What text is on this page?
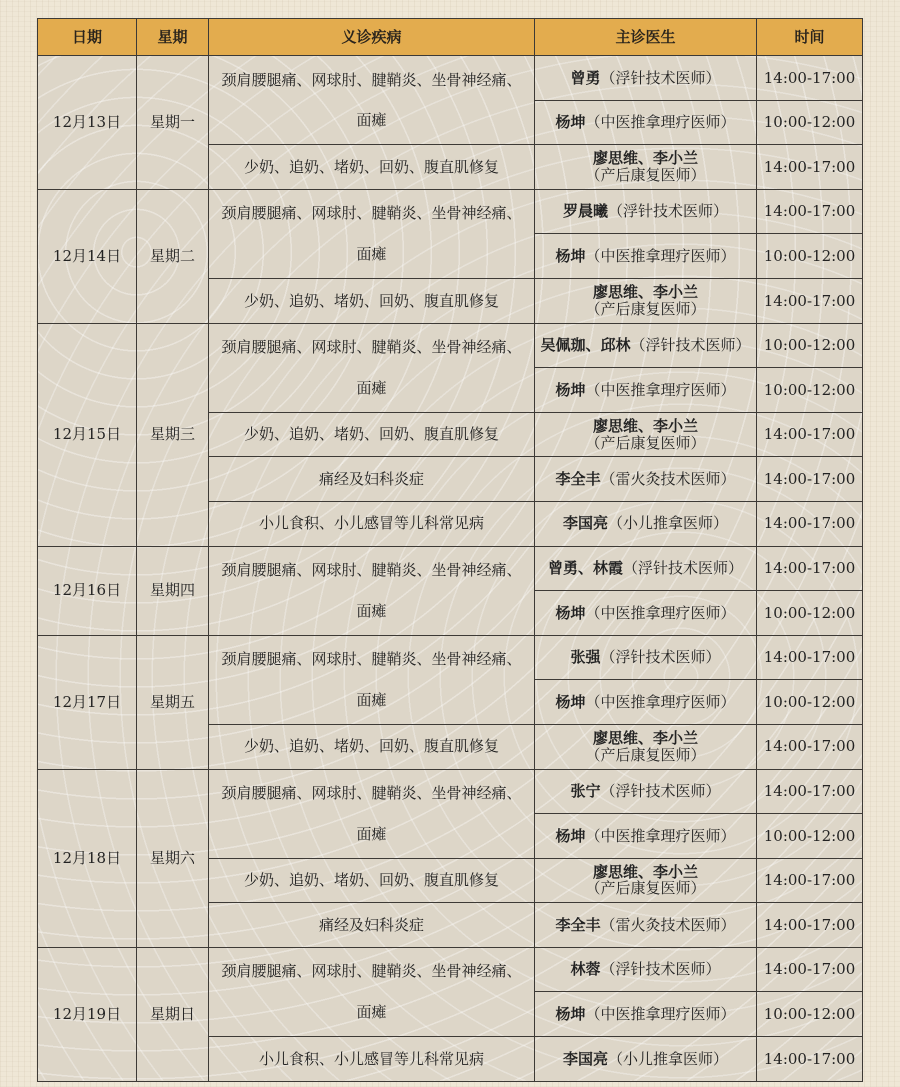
日期	星期	义诊疾病	主诊医生	时间
12月13日	星期一	颈肩腰腿痛、网球肘、腱鞘炎、坐骨神经痛、
面瘫	曾勇（浮针技术医师）	14:00-17:00
			杨坤（中医推拿理疗医师）	10:00-12:00
		少奶、追奶、堵奶、回奶、腹直肌修复	廖思维、李小兰（产后康复医师）	14:00-17:00
12月14日	星期二	颈肩腰腿痛、网球肘、腱鞘炎、坐骨神经痛、
面瘫	罗晨曦（浮针技术医师）	14:00-17:00
			杨坤（中医推拿理疗医师）	10:00-12:00
		少奶、追奶、堵奶、回奶、腹直肌修复	廖思维、李小兰（产后康复医师）	14:00-17:00
12月15日	星期三	颈肩腰腿痛、网球肘、腱鞘炎、坐骨神经痛、
面瘫	吴佩珈、邱林（浮针技术医师）	10:00-12:00
			杨坤（中医推拿理疗医师）	10:00-12:00
		少奶、追奶、堵奶、回奶、腹直肌修复	廖思维、李小兰（产后康复医师）	14:00-17:00
		痛经及妇科炎症	李全丰（雷火灸技术医师）	14:00-17:00
		小儿食积、小儿感冒等儿科常见病	李国亮（小儿推拿医师）	14:00-17:00
12月16日	星期四	颈肩腰腿痛、网球肘、腱鞘炎、坐骨神经痛、
面瘫	曾勇、林霞（浮针技术医师）	14:00-17:00
			杨坤（中医推拿理疗医师）	10:00-12:00
12月17日	星期五	颈肩腰腿痛、网球肘、腱鞘炎、坐骨神经痛、
面瘫	张强（浮针技术医师）	14:00-17:00
			杨坤（中医推拿理疗医师）	10:00-12:00
		少奶、追奶、堵奶、回奶、腹直肌修复	廖思维、李小兰（产后康复医师）	14:00-17:00
12月18日	星期六	颈肩腰腿痛、网球肘、腱鞘炎、坐骨神经痛、
面瘫	张宁（浮针技术医师）	14:00-17:00
			杨坤（中医推拿理疗医师）	10:00-12:00
		少奶、追奶、堵奶、回奶、腹直肌修复	廖思维、李小兰（产后康复医师）	14:00-17:00
		痛经及妇科炎症	李全丰（雷火灸技术医师）	14:00-17:00
12月19日	星期日	颈肩腰腿痛、网球肘、腱鞘炎、坐骨神经痛、
面瘫	林蓉（浮针技术医师）	14:00-17:00
			杨坤（中医推拿理疗医师）	10:00-12:00
		小儿食积、小儿感冒等儿科常见病	李国亮（小儿推拿医师）	14:00-17:00
